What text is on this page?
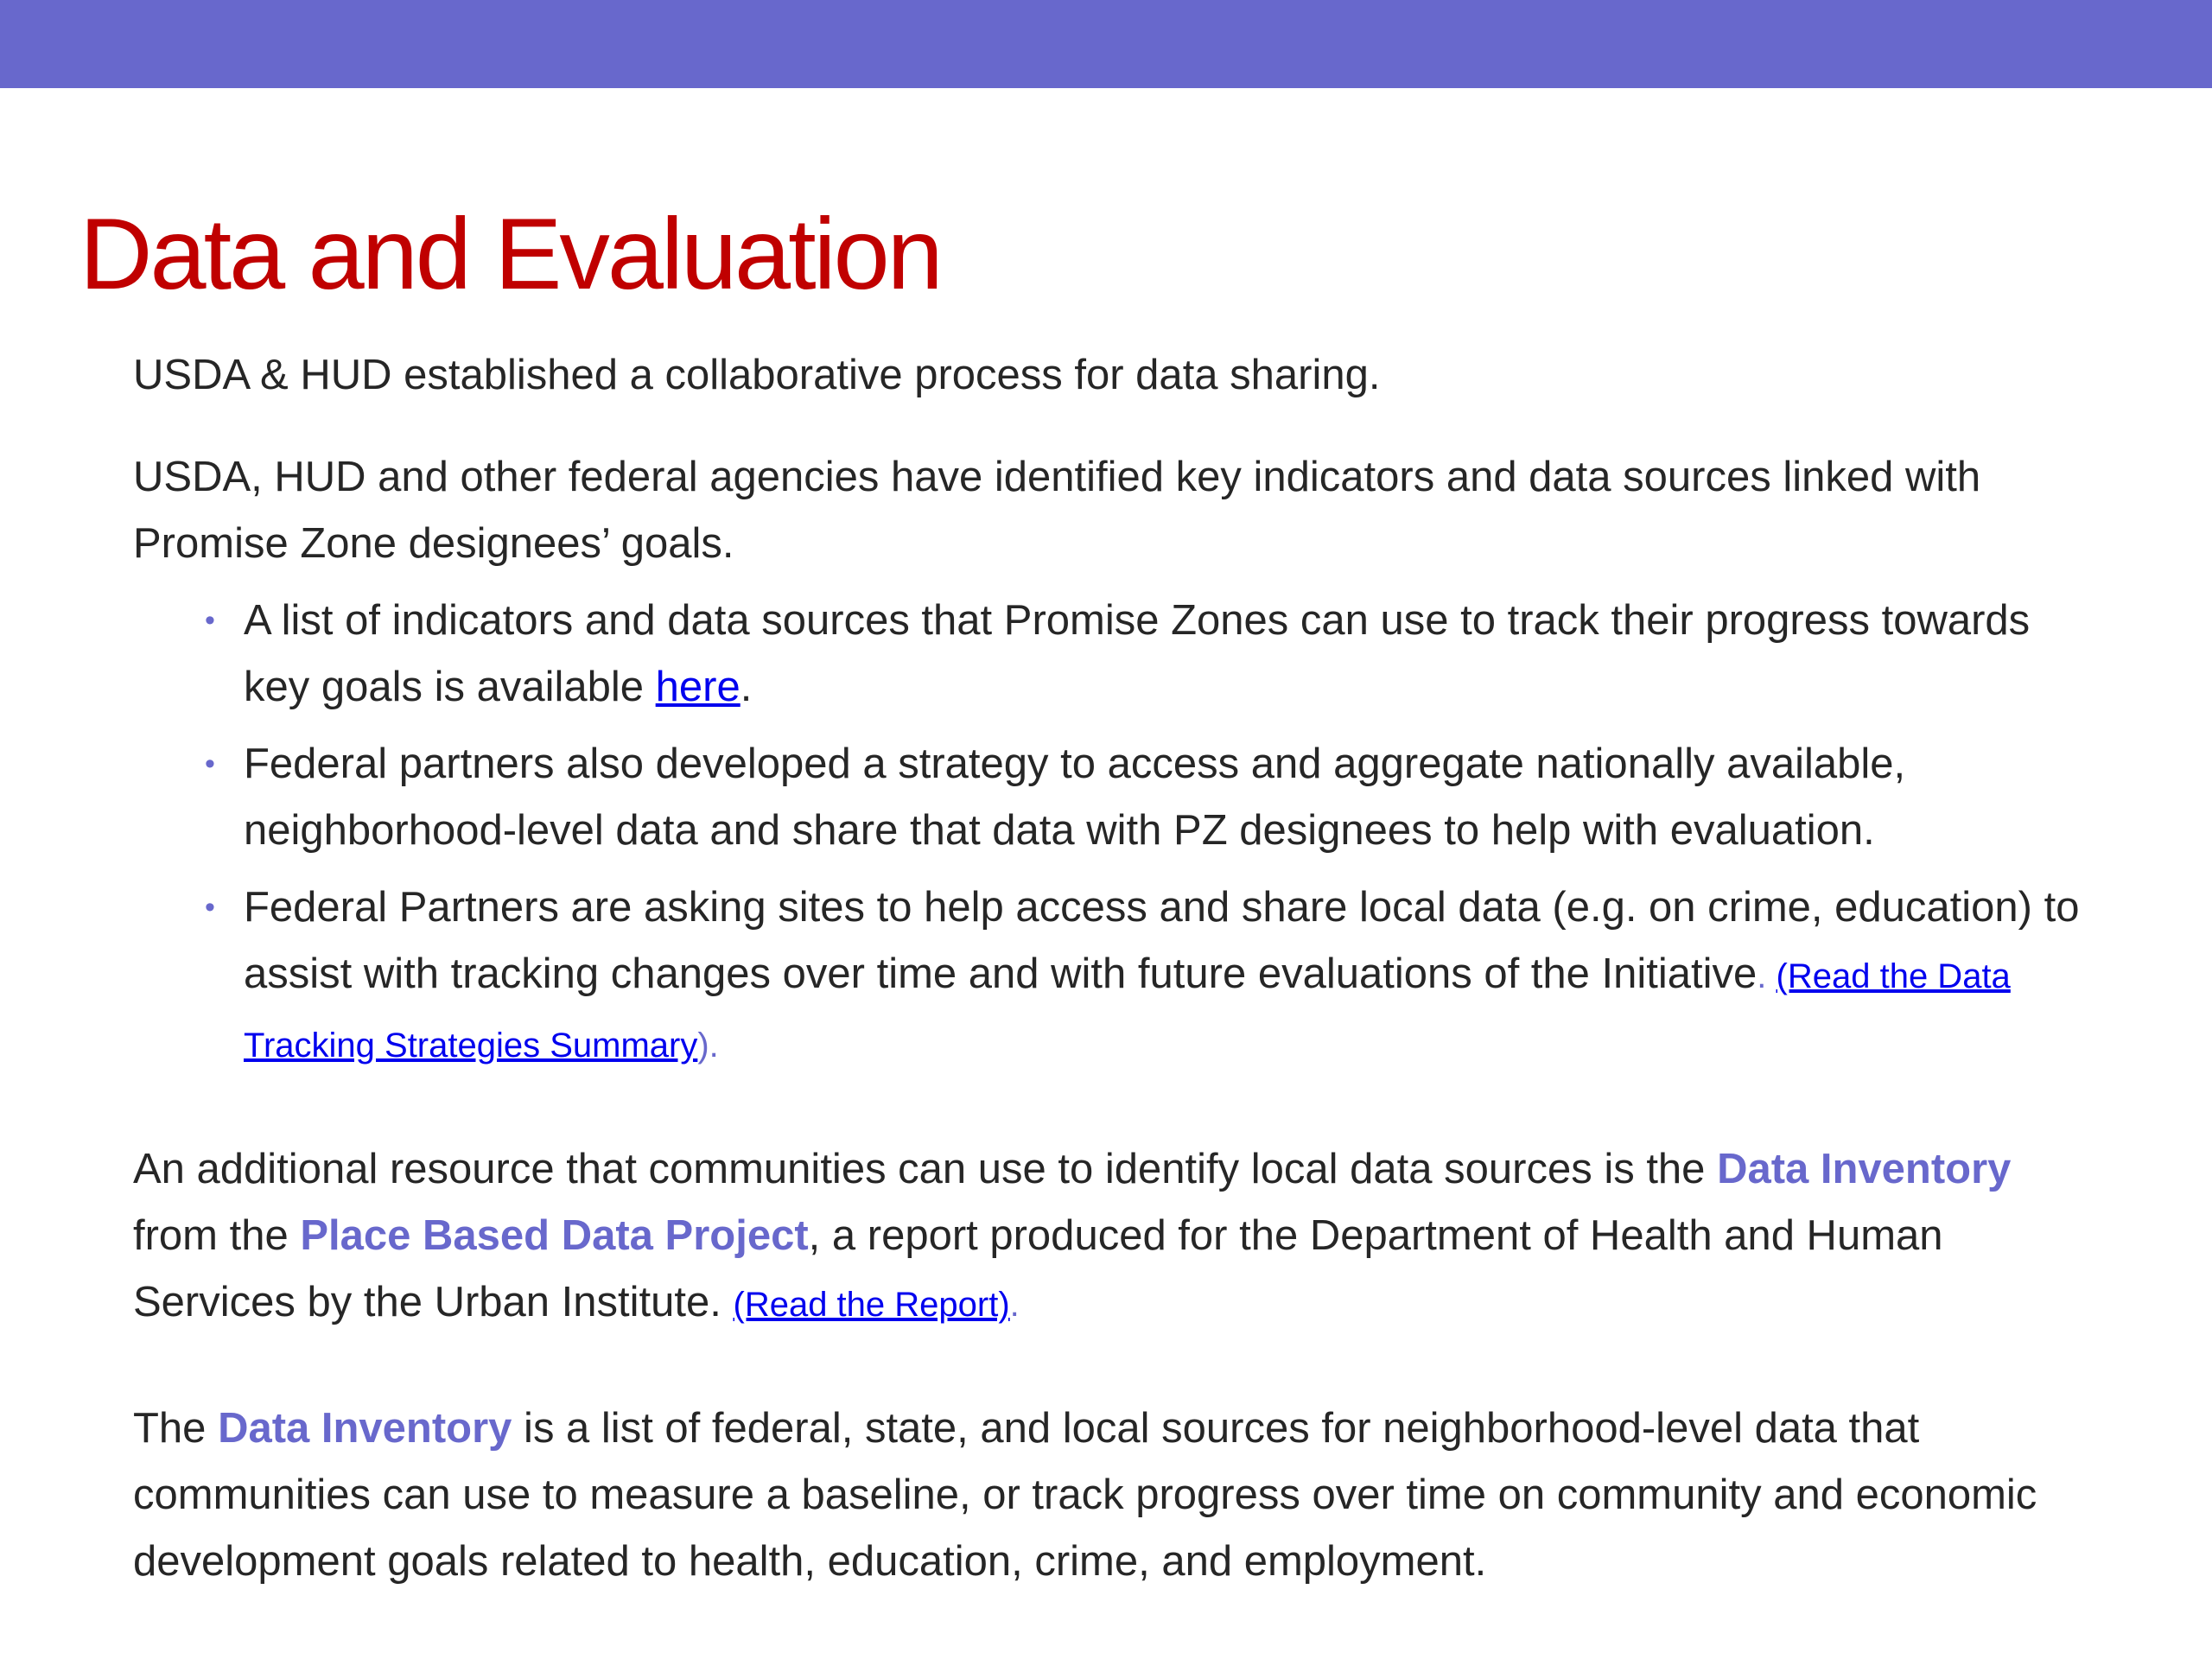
Data and Evaluation

USDA & HUD established a collaborative process for data sharing.

USDA, HUD and other federal agencies have identified key indicators and data sources linked with Promise Zone designees’ goals.

• A list of indicators and data sources that Promise Zones can use to track their progress towards key goals is available here.
• Federal partners also developed a strategy to access and aggregate nationally available, neighborhood-level data and share that data with PZ designees to help with evaluation.
• Federal Partners are asking sites to help access and share local data (e.g. on crime, education) to assist with tracking changes over time and with future evaluations of the Initiative. (Read the Data Tracking Strategies Summary).

An additional resource that communities can use to identify local data sources is the Data Inventory from the Place Based Data Project, a report produced for the Department of Health and Human Services by the Urban Institute. (Read the Report).

The Data Inventory is a list of federal, state, and local sources for neighborhood-level data that communities can use to measure a baseline, or track progress over time on community and economic development goals related to health, education, crime, and employment.
